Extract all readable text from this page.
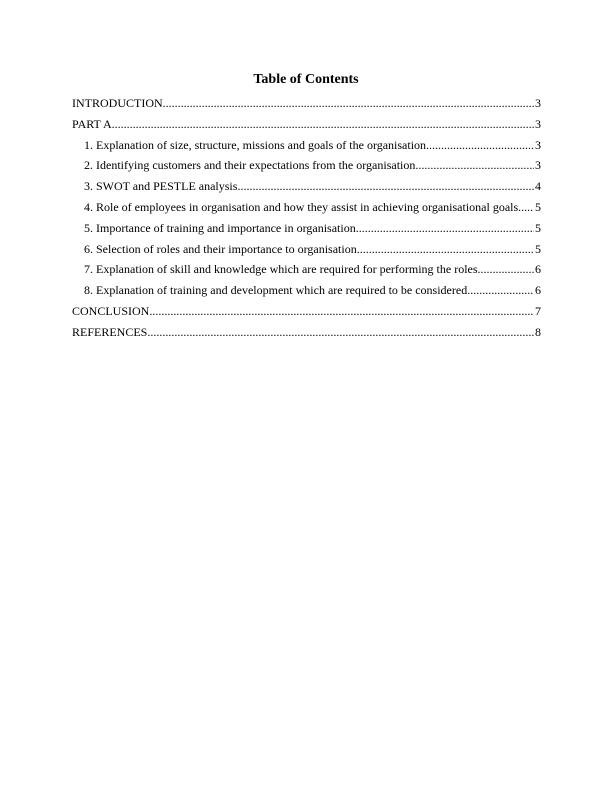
Table of Contents
INTRODUCTION .....	3
PART A .....	3
1. Explanation of size, structure, missions and goals of the organisation .....	3
2. Identifying customers and their expectations from the organisation .....	3
3. SWOT and PESTLE analysis .....	4
4. Role of employees in organisation and how they assist in achieving organisational goals. ..... 5
5. Importance of training and importance in organisation .....	5
6. Selection of roles and their importance to organisation .....	5
7. Explanation of skill and knowledge which are required for performing the roles. .....	6
8. Explanation of training and development which are required to be considered. .....	6
CONCLUSION .....	7
REFERENCES .....	8
